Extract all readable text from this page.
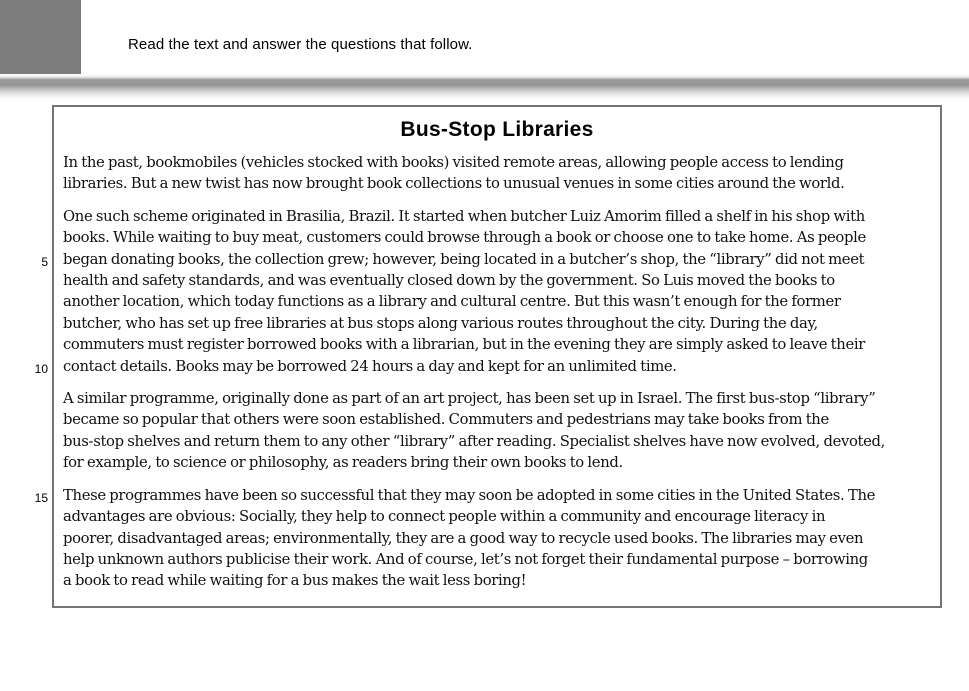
Read the text and answer the questions that follow.
Bus-Stop Libraries
In the past, bookmobiles (vehicles stocked with books) visited remote areas, allowing people access to lending
libraries. But a new twist has now brought book collections to unusual venues in some cities around the world.
One such scheme originated in Brasilia, Brazil. It started when butcher Luiz Amorim filled a shelf in his shop with
books. While waiting to buy meat, customers could browse through a book or choose one to take home. As people
5 began donating books, the collection grew; however, being located in a butcher’s shop, the “library” did not meet
health and safety standards, and was eventually closed down by the government. So Luis moved the books to
another location, which today functions as a library and cultural centre. But this wasn’t enough for the former
butcher, who has set up free libraries at bus stops along various routes throughout the city. During the day,
commuters must register borrowed books with a librarian, but in the evening they are simply asked to leave their
10 contact details. Books may be borrowed 24 hours a day and kept for an unlimited time.
A similar programme, originally done as part of an art project, has been set up in Israel. The first bus-stop “library”
became so popular that others were soon established. Commuters and pedestrians may take books from the
bus-stop shelves and return them to any other “library” after reading. Specialist shelves have now evolved, devoted,
for example, to science or philosophy, as readers bring their own books to lend.
15 These programmes have been so successful that they may soon be adopted in some cities in the United States. The
advantages are obvious: Socially, they help to connect people within a community and encourage literacy in
poorer, disadvantaged areas; environmentally, they are a good way to recycle used books. The libraries may even
help unknown authors publicise their work. And of course, let’s not forget their fundamental purpose – borrowing
a book to read while waiting for a bus makes the wait less boring!
